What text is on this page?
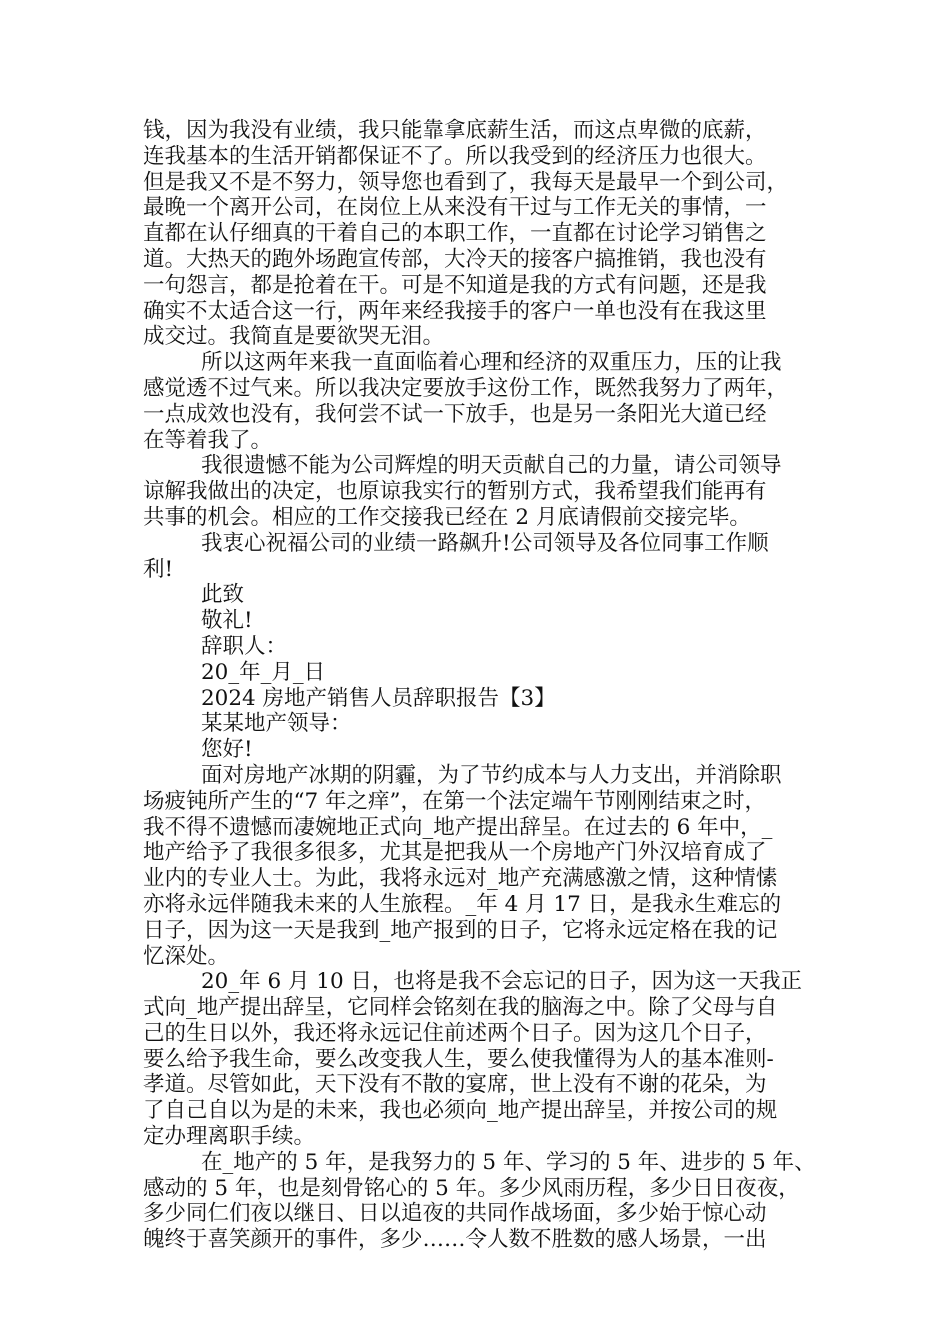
钱，因为我没有业绩，我只能靠拿底薪生活，而这点卑微的底薪，
连我基本的生活开销都保证不了。所以我受到的经济压力也很大。
但是我又不是不努力，领导您也看到了，我每天是最早一个到公司，
最晚一个离开公司，在岗位上从来没有干过与工作无关的事情，一
直都在认仔细真的干着自己的本职工作，一直都在讨论学习销售之
道。大热天的跑外场跑宣传部，大冷天的接客户搞推销，我也没有
一句怨言，都是抢着在干。可是不知道是我的方式有问题，还是我
确实不太适合这一行，两年来经我接手的客户一单也没有在我这里
成交过。我简直是要欲哭无泪。
所以这两年来我一直面临着心理和经济的双重压力，压的让我
感觉透不过气来。所以我决定要放手这份工作，既然我努力了两年，
一点成效也没有，我何尝不试一下放手，也是另一条阳光大道已经
在等着我了。
我很遗憾不能为公司辉煌的明天贡献自己的力量，请公司领导
谅解我做出的决定，也原谅我实行的暂别方式，我希望我们能再有
共事的机会。相应的工作交接我已经在 2 月底请假前交接完毕。
我衷心祝福公司的业绩一路飙升!公司领导及各位同事工作顺
利!
此致
敬礼!
辞职人：
20_年_月_日
2024 房地产销售人员辞职报告【3】
某某地产领导：
您好!
面对房地产冰期的阴霾，为了节约成本与人力支出，并消除职
场疲钝所产生的“7 年之痒”，在第一个法定端午节刚刚结束之时，
我不得不遗憾而凄婉地正式向_地产提出辞呈。在过去的 6 年中，_
地产给予了我很多很多，尤其是把我从一个房地产门外汉培育成了
业内的专业人士。为此，我将永远对_地产充满感激之情，这种情愫
亦将永远伴随我未来的人生旅程。_年 4 月 17 日，是我永生难忘的
日子，因为这一天是我到_地产报到的日子，它将永远定格在我的记
忆深处。
20_年 6 月 10 日，也将是我不会忘记的日子，因为这一天我正
式向_地产提出辞呈，它同样会铭刻在我的脑海之中。除了父母与自
己的生日以外，我还将永远记住前述两个日子。因为这几个日子，
要么给予我生命，要么改变我人生，要么使我懂得为人的基本准则-
孝道。尽管如此，天下没有不散的宴席，世上没有不谢的花朵，为
了自己自以为是的未来，我也必须向_地产提出辞呈，并按公司的规
定办理离职手续。
在_地产的 5 年，是我努力的 5 年、学习的 5 年、进步的 5 年、
感动的 5 年，也是刻骨铭心的 5 年。多少风雨历程，多少日日夜夜，
多少同仁们夜以继日、日以追夜的共同作战场面，多少始于惊心动
魄终于喜笑颜开的事件，多少……令人数不胜数的感人场景，一出
